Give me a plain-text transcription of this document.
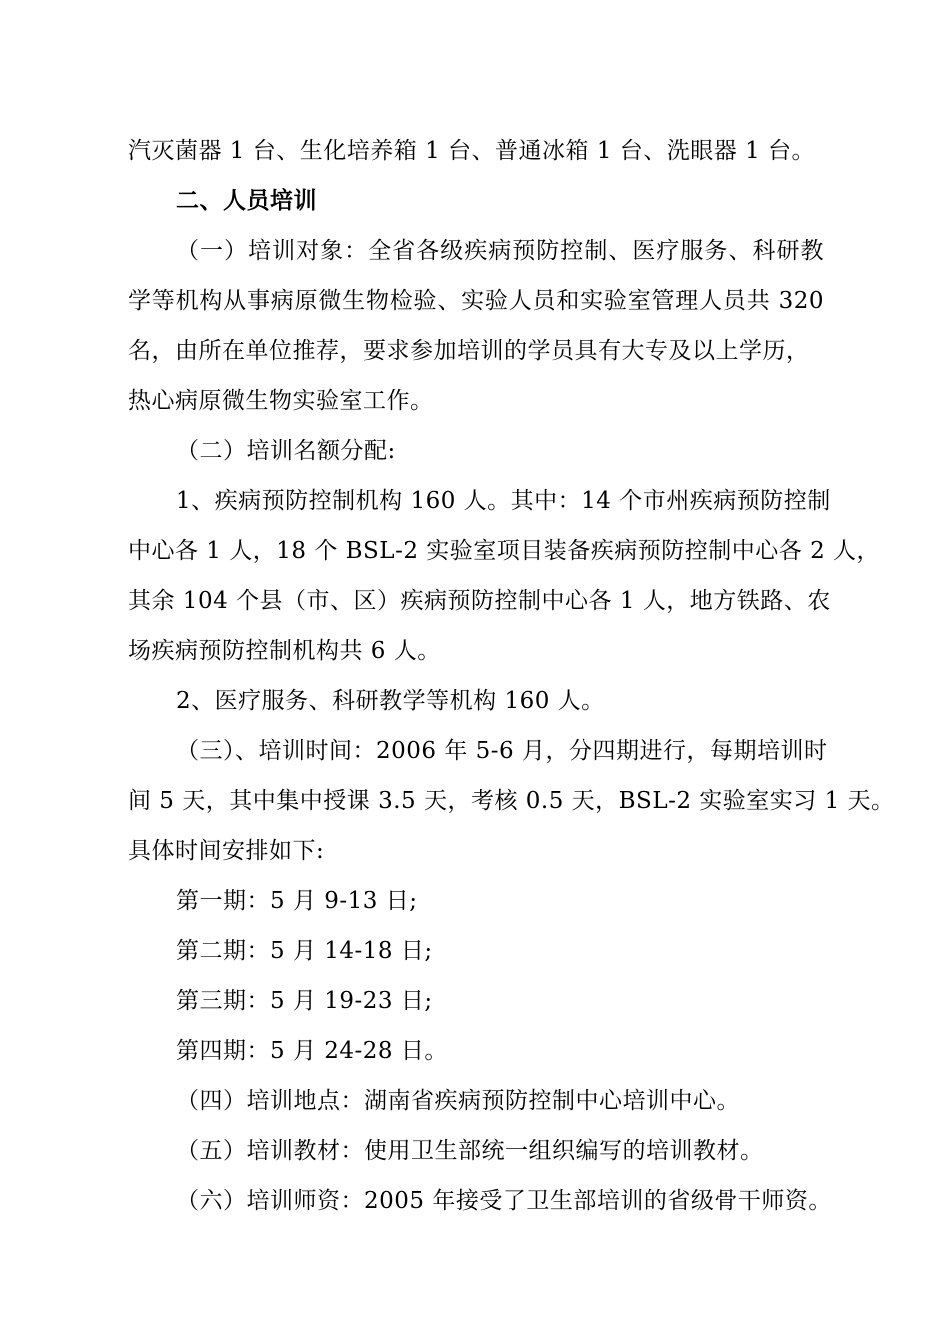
汽灭菌器 1 台、生化培养箱 1 台、普通冰箱 1 台、洗眼器 1 台。
二、人员培训
（一）培训对象：全省各级疾病预防控制、医疗服务、科研教
学等机构从事病原微生物检验、实验人员和实验室管理人员共 320
名，由所在单位推荐，要求参加培训的学员具有大专及以上学历，
热心病原微生物实验室工作。
（二）培训名额分配:
1、疾病预防控制机构 160 人。其中：14 个市州疾病预防控制
中心各 1 人，18 个 BSL-2 实验室项目装备疾病预防控制中心各 2 人，
其余 104 个县（市、区）疾病预防控制中心各 1 人，地方铁路、农
场疾病预防控制机构共 6 人。
2、医疗服务、科研教学等机构 160 人。
（三）、培训时间：2006 年 5-6 月，分四期进行，每期培训时
间 5 天，其中集中授课 3.5 天，考核 0.5 天，BSL-2 实验室实习 1 天。
具体时间安排如下:
第一期：5 月 9-13 日;
第二期：5 月 14-18 日;
第三期：5 月 19-23 日;
第四期：5 月 24-28 日。
（四）培训地点：湖南省疾病预防控制中心培训中心。
（五）培训教材：使用卫生部统一组织编写的培训教材。
（六）培训师资：2005 年接受了卫生部培训的省级骨干师资。
